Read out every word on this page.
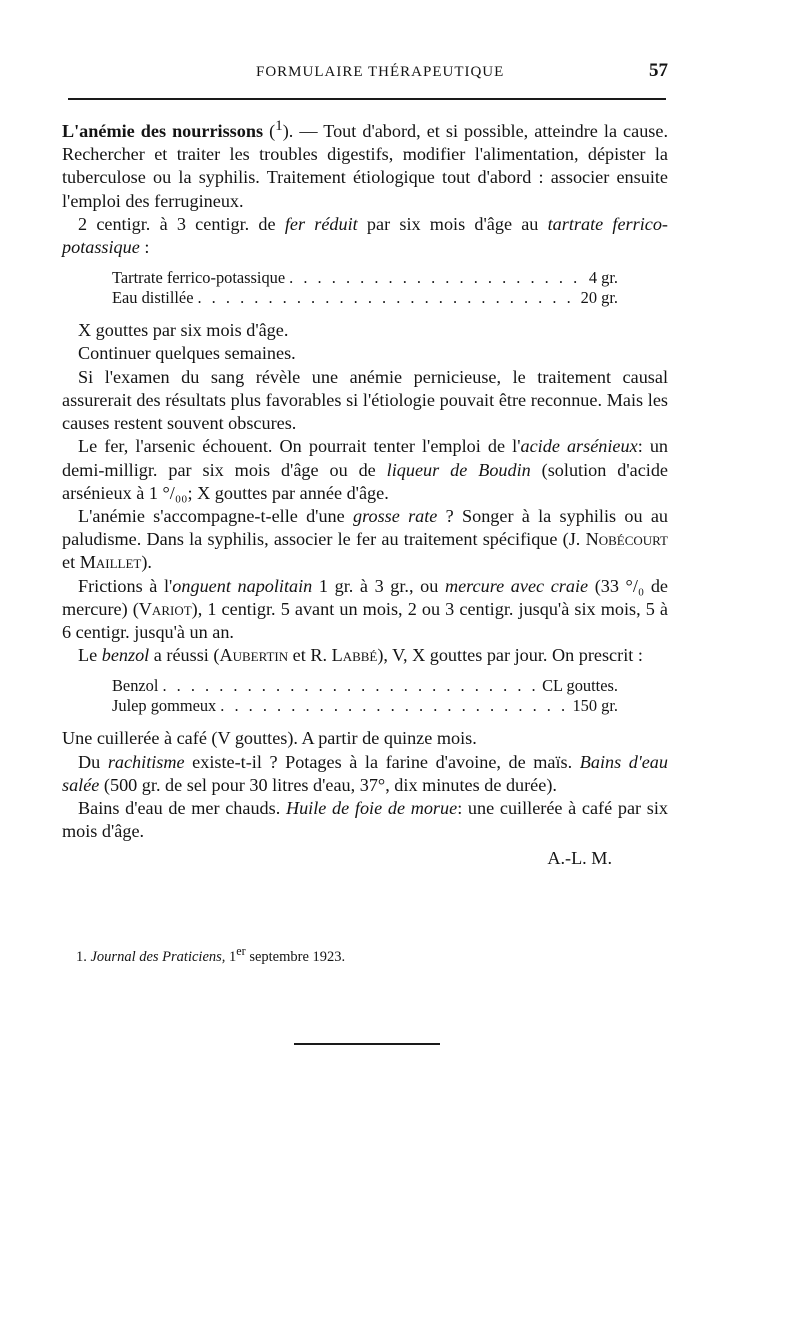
FORMULAIRE THÉRAPEUTIQUE	57

L'anémie des nourrissons ($^1$). — Tout d'abord, et si possible, atteindre la cause. Rechercher et traiter les troubles digestifs, modifier l'alimentation, dépister la tuberculose ou la syphilis. Traitement étiologique tout d'abord : associer ensuite l'emploi des ferrugineux.

2 centigr. à 3 centigr. de fer réduit par six mois d'âge au tartrate ferrico-potassique :

Tartrate ferrico-potassique . . .	4 gr.
Eau distillée . . .	20 gr.

X gouttes par six mois d'âge.

Continuer quelques semaines.

Si l'examen du sang révèle une anémie pernicieuse, le traitement causal assurerait des résultats plus favorables si l'étiologie pouvait être reconnue. Mais les causes restent souvent obscures.

Le fer, l'arsenic échouent. On pourrait tenter l'emploi de l'acide arsénieux: un demi-milligr. par six mois d'âge ou de liqueur de Boudin (solution d'acide arsénieux à 1 °/₀₀; X gouttes par année d'âge.

L'anémie s'accompagne-t-elle d'une grosse rate ? Songer à la syphilis ou au paludisme. Dans la syphilis, associer le fer au traitement spécifique (J. Nobécourt et Maillet).

Frictions à l'onguent napolitain 1 gr. à 3 gr., ou mercure avec craie (33 °/₀ de mercure) (Variot), 1 centigr. 5 avant un mois, 2 ou 3 centigr. jusqu'à six mois, 5 à 6 centigr. jusqu'à un an.

Le benzol a réussi (Aubertin et R. Labbé), V, X gouttes par jour. On prescrit :

Benzol . . .	CL gouttes.
Julep gommeux . . .	150 gr.

Une cuillerée à café (V gouttes). A partir de quinze mois.

Du rachitisme existe-t-il ? Potages à la farine d'avoine, de maïs. Bains d'eau salée (500 gr. de sel pour 30 litres d'eau, 37°, dix minutes de durée).

Bains d'eau de mer chauds. Huile de foie de morue: une cuillerée à café par six mois d'âge.

A.-L. M.
1. Journal des Praticiens, 1er septembre 1923.
